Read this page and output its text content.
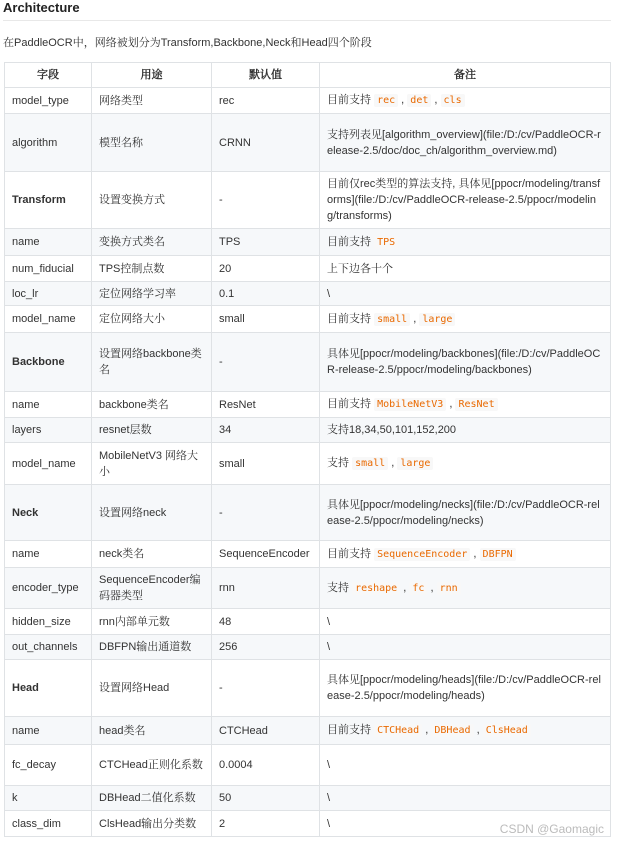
Architecture
在PaddleOCR中，网络被划分为Transform,Backbone,Neck和Head四个阶段
字段	用途	默认值	备注
model_type	网络类型	rec	目前支持 rec , det , cls
algorithm	模型名称	CRNN	支持列表见[algorithm_overview](file:/D:/cv/PaddleOCR-release-2.5/doc/doc_ch/algorithm_overview.md)
Transform	设置变换方式	-	目前仅rec类型的算法支持, 具体见[ppocr/modeling/transforms](file:/D:/cv/PaddleOCR-release-2.5/ppocr/modeling/transforms)
name	变换方式类名	TPS	目前支持 TPS
num_fiducial	TPS控制点数	20	上下边各十个
loc_lr	定位网络学习率	0.1	\
model_name	定位网络大小	small	目前支持 small , large
Backbone	设置网络backbone类名	-	具体见[ppocr/modeling/backbones](file:/D:/cv/PaddleOCR-release-2.5/ppocr/modeling/backbones)
name	backbone类名	ResNet	目前支持 MobileNetV3 , ResNet
layers	resnet层数	34	支持18,34,50,101,152,200
model_name	MobileNetV3 网络大小	small	支持 small , large
Neck	设置网络neck	-	具体见[ppocr/modeling/necks](file:/D:/cv/PaddleOCR-release-2.5/ppocr/modeling/necks)
name	neck类名	SequenceEncoder	目前支持 SequenceEncoder , DBFPN
encoder_type	SequenceEncoder编码器类型	rnn	支持 reshape , fc , rnn
hidden_size	rnn内部单元数	48	\
out_channels	DBFPN输出通道数	256	\
Head	设置网络Head	-	具体见[ppocr/modeling/heads](file:/D:/cv/PaddleOCR-release-2.5/ppocr/modeling/heads)
name	head类名	CTCHead	目前支持 CTCHead , DBHead , ClsHead
fc_decay	CTCHead正则化系数	0.0004	\
k	DBHead二值化系数	50	\
class_dim	ClsHead输出分类数	2	\	CSDN @Gaomagic
